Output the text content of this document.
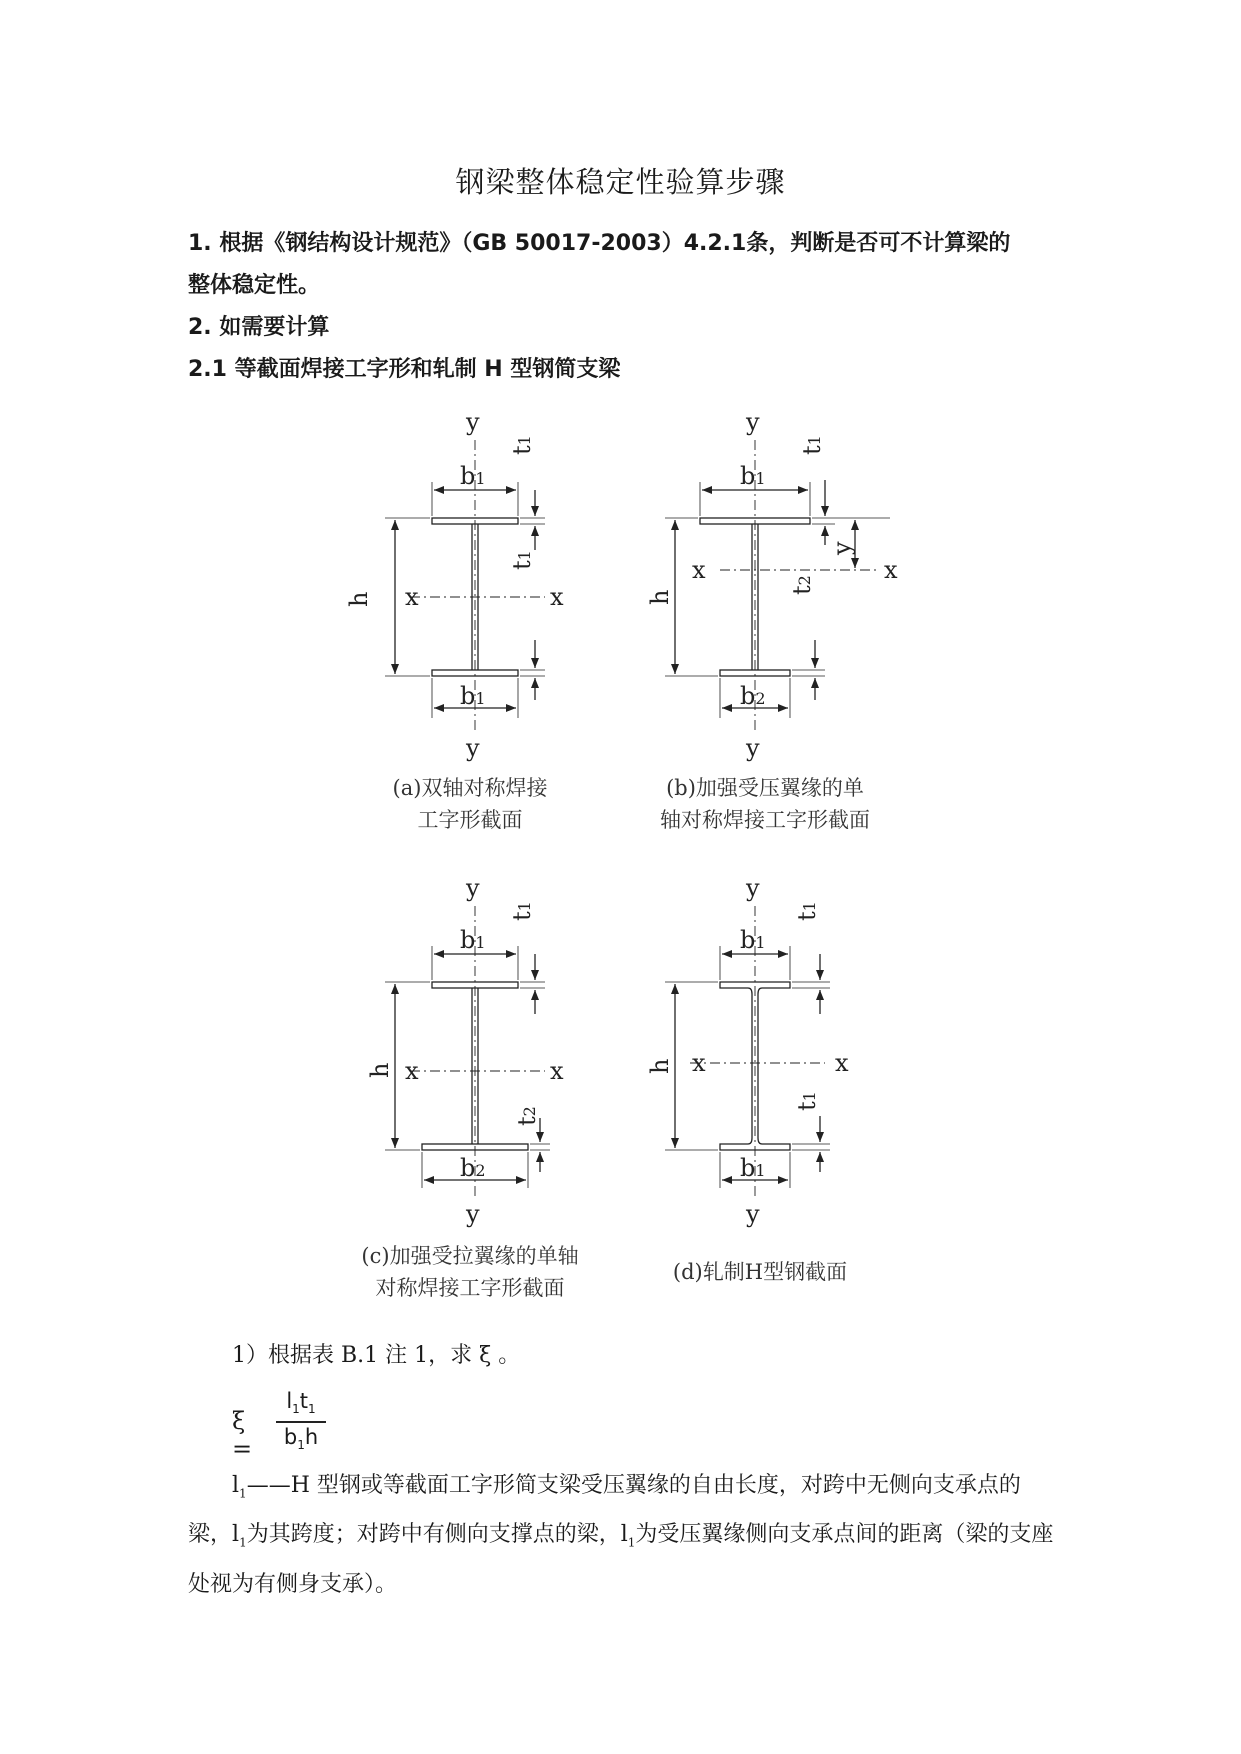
钢梁整体稳定性验算步骤
1. 根据《钢结构设计规范》（GB 50017-2003）4.2.1条，判断是否可不计算梁的
整体稳定性。
2. 如需要计算
2.1 等截面焊接工字形和轧制 H 型钢简支梁
y
y
x	x
h
b1
b1
t1
t1
(a)双轴对称焊接
工字形截面
y
y
x	x
h
b1
b2
t1
t2
y
(b)加强受压翼缘的单
轴对称焊接工字形截面
y
y
x	x
h
b1
b2
t1
t2
(c)加强受拉翼缘的单轴
对称焊接工字形截面
y
y
x	x
h
b1
b1
t1
t1
(d)轧制H型钢截面
1）根据表 B.1 注 1，求 ξ 。
ξ =
$l_1t_1$
$b_1h$
$l_1——H$ 型钢或等截面工字形简支梁受压翼缘的自由长度，对跨中无侧向支承点的梁，$l_1$为其跨度；对跨中有侧向支撑点的梁，$l_1$为受压翼缘侧向支承点间的距离（梁的支座处视为有侧身支承）。
